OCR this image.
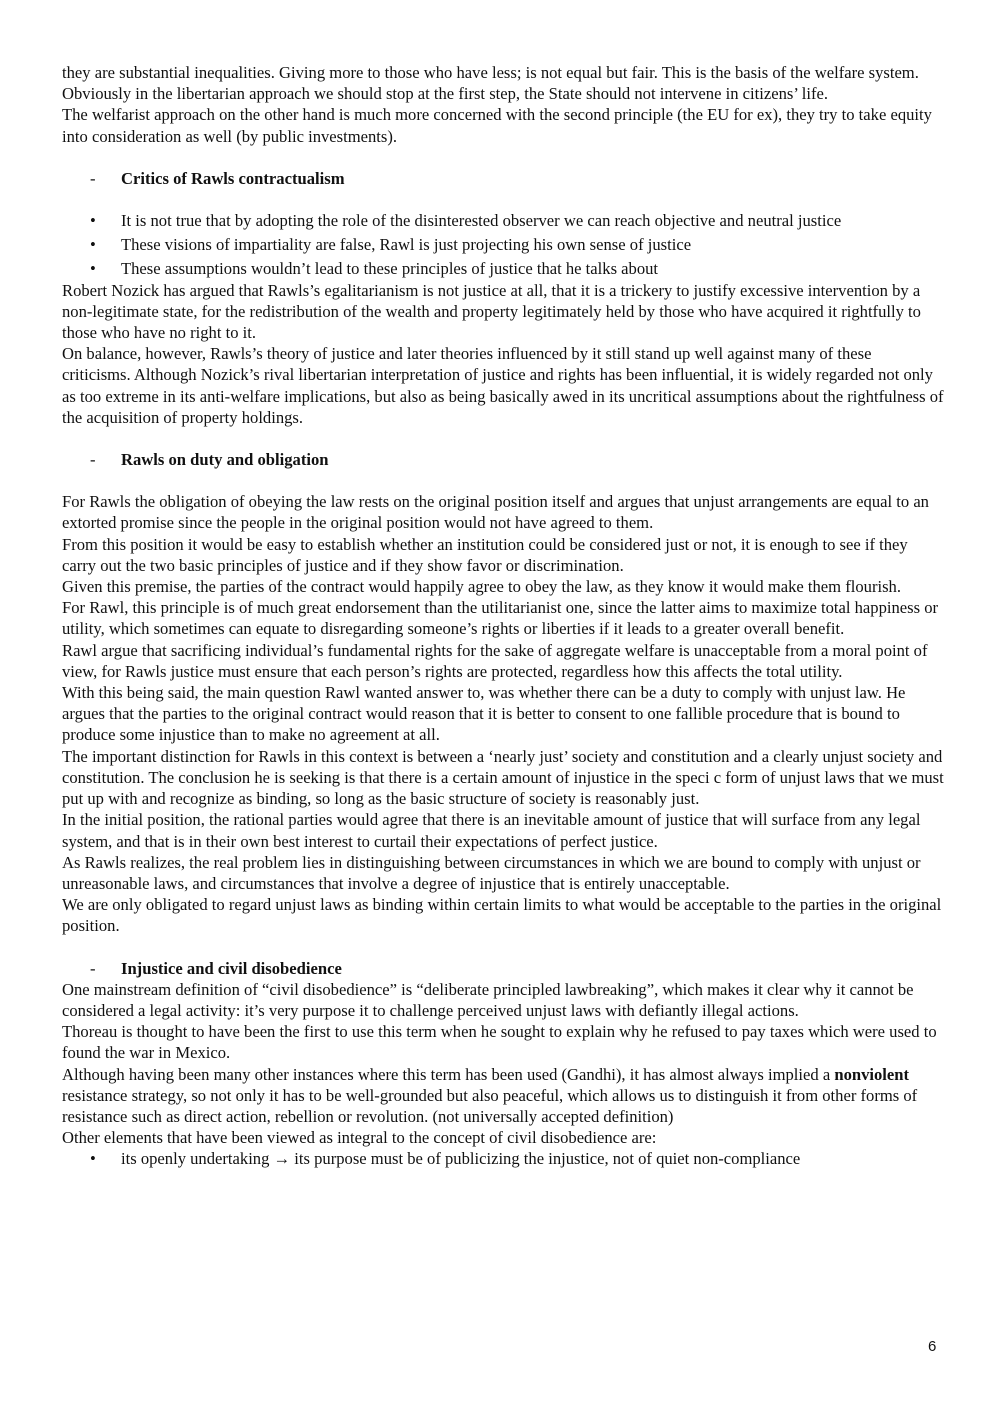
they are substantial inequalities. Giving more to those who have less; is not equal but fair. This is the basis of the welfare system.

Obviously in the libertarian approach we should stop at the first step, the State should not intervene in citizens’ life.

The welfarist approach on the other hand is much more concerned with the second principle (the EU for ex), they try to take equity into consideration as well (by public investments).

- Critics of Rawls contractualism

• It is not true that by adopting the role of the disinterested observer we can reach objective and neutral justice
• These visions of impartiality are false, Rawl is just projecting his own sense of justice
• These assumptions wouldn’t lead to these principles of justice that he talks about

Robert Nozick has argued that Rawls’s egalitarianism is not justice at all, that it is a trickery to justify excessive intervention by a non-legitimate state, for the redistribution of the wealth and property legitimately held by those who have acquired it rightfully to those who have no right to it.

On balance, however, Rawls’s theory of justice and later theories influenced by it still stand up well against many of these criticisms. Although Nozick’s rival libertarian interpretation of justice and rights has been influential, it is widely regarded not only as too extreme in its anti-welfare implications, but also as being basically awed in its uncritical assumptions about the rightfulness of the acquisition of property holdings.

- Rawls on duty and obligation

For Rawls the obligation of obeying the law rests on the original position itself and argues that unjust arrangements are equal to an extorted promise since the people in the original position would not have agreed to them.

From this position it would be easy to establish whether an institution could be considered just or not, it is enough to see if they carry out the two basic principles of justice and if they show favor or discrimination.

Given this premise, the parties of the contract would happily agree to obey the law, as they know it would make them flourish.

For Rawl, this principle is of much great endorsement than the utilitarianist one, since the latter aims to maximize total happiness or utility, which sometimes can equate to disregarding someone’s rights or liberties if it leads to a greater overall benefit.

Rawl argue that sacrificing individual’s fundamental rights for the sake of aggregate welfare is unacceptable from a moral point of view, for Rawls justice must ensure that each person’s rights are protected, regardless how this affects the total utility.

With this being said, the main question Rawl wanted answer to, was whether there can be a duty to comply with unjust law. He argues that the parties to the original contract would reason that it is better to consent to one fallible procedure that is bound to produce some injustice than to make no agreement at all.

The important distinction for Rawls in this context is between a ‘nearly just’ society and constitution and a clearly unjust society and constitution. The conclusion he is seeking is that there is a certain amount of injustice in the speci c form of unjust laws that we must put up with and recognize as binding, so long as the basic structure of society is reasonably just.

In the initial position, the rational parties would agree that there is an inevitable amount of justice that will surface from any legal system, and that is in their own best interest to curtail their expectations of perfect justice.

As Rawls realizes, the real problem lies in distinguishing between circumstances in which we are bound to comply with unjust or unreasonable laws, and circumstances that involve a degree of injustice that is entirely unacceptable.

We are only obligated to regard unjust laws as binding within certain limits to what would be acceptable to the parties in the original position.

- Injustice and civil disobedience

One mainstream definition of “civil disobedience” is “deliberate principled lawbreaking”, which makes it clear why it cannot be considered a legal activity: it’s very purpose it to challenge perceived unjust laws with defiantly illegal actions.

Thoreau is thought to have been the first to use this term when he sought to explain why he refused to pay taxes which were used to found the war in Mexico.

Although having been many other instances where this term has been used (Gandhi), it has almost always implied a nonviolent resistance strategy, so not only it has to be well-grounded but also peaceful, which allows us to distinguish it from other forms of resistance such as direct action, rebellion or revolution. (not universally accepted definition)

Other elements that have been viewed as integral to the concept of civil disobedience are:

• its openly undertaking → its purpose must be of publicizing the injustice, not of quiet non-compliance
6
